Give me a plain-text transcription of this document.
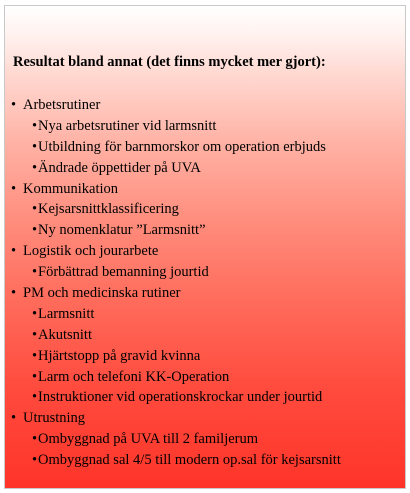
Resultat bland annat (det finns mycket mer gjort):
• Arbetsrutiner
•Nya arbetsrutiner vid larmsnitt
•Utbildning för barnmorskor om operation erbjuds
•Ändrade öppettider på UVA
• Kommunikation
•Kejsarsnittklassificering
•Ny nomenklatur ”Larmsnitt”
• Logistik och jourarbete
•Förbättrad bemanning jourtid
• PM och medicinska rutiner
•Larmsnitt
•Akutsnitt
•Hjärtstopp på gravid kvinna
•Larm och telefoni KK-Operation
•Instruktioner vid operationskrockar under jourtid
• Utrustning
•Ombyggnad på UVA till 2 familjerum
•Ombyggnad sal 4/5 till modern op.sal för kejsarsnitt
